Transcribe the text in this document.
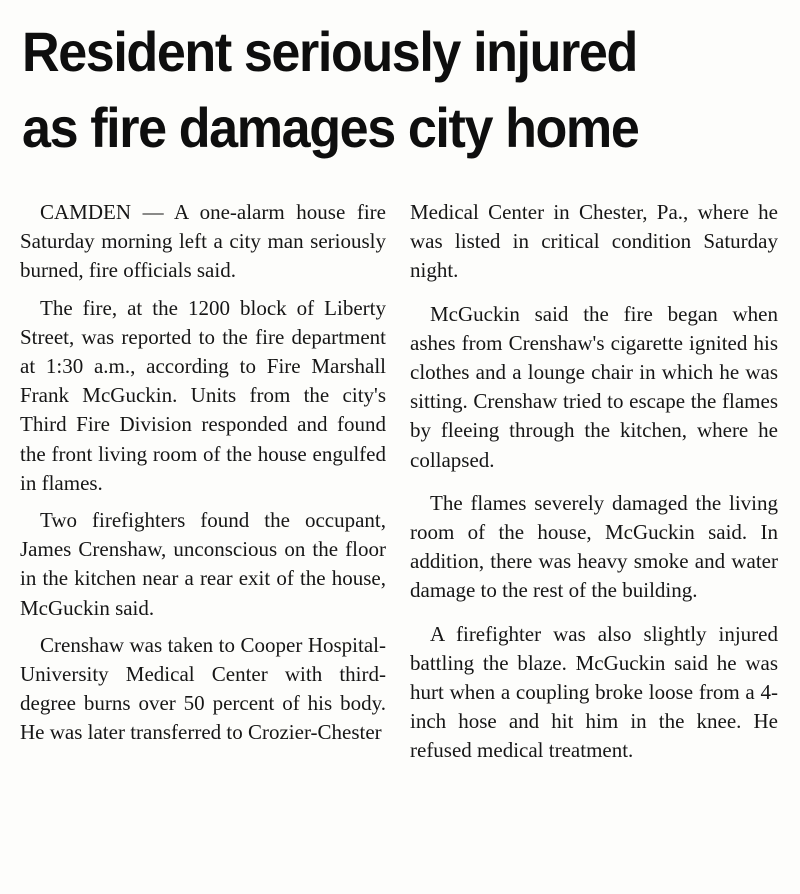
Resident seriously injured
as fire damages city home

CAMDEN — A one-alarm house fire Saturday morning left a city man seriously burned, fire officials said.

The fire, at the 1200 block of Liberty Street, was reported to the fire department at 1:30 a.m., according to Fire Marshall Frank McGuckin. Units from the city's Third Fire Division responded and found the front living room of the house engulfed in flames.

Two firefighters found the occupant, James Crenshaw, unconscious on the floor in the kitchen near a rear exit of the house, McGuckin said.

Crenshaw was taken to Cooper Hospital-University Medical Center with third-degree burns over 50 percent of his body. He was later transferred to Crozier-Chester

Medical Center in Chester, Pa., where he was listed in critical condition Saturday night.

McGuckin said the fire began when ashes from Crenshaw's cigarette ignited his clothes and a lounge chair in which he was sitting. Crenshaw tried to escape the flames by fleeing through the kitchen, where he collapsed.

The flames severely damaged the living room of the house, McGuckin said. In addition, there was heavy smoke and water damage to the rest of the building.

A firefighter was also slightly injured battling the blaze. McGuckin said he was hurt when a coupling broke loose from a 4-inch hose and hit him in the knee. He refused medical treatment.
